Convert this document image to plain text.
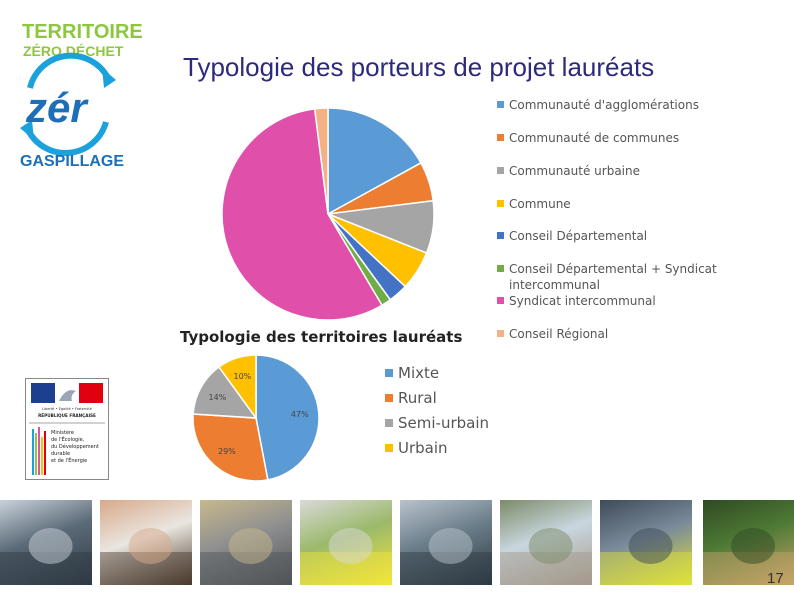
TERRITOIRE
ZÉRO DÉCHET
zér
GASPILLAGE
Typologie des porteurs de projet lauréats
Communauté d'agglomérations
Communauté de communes
Communauté urbaine
Commune
Conseil Départemental
Conseil Départemental + Syndicat intercommunal
Syndicat intercommunal
Conseil Régional
Typologie des territoires lauréats
47%
29%
14%
10%	Mixte
Rural
Semi-urbain
Urbain
Liberté • Égalité • Fraternité
RÉPUBLIQUE FRANÇAISE
Ministère
de l'Écologie,
du Développement
durable
et de l'Énergie
17
